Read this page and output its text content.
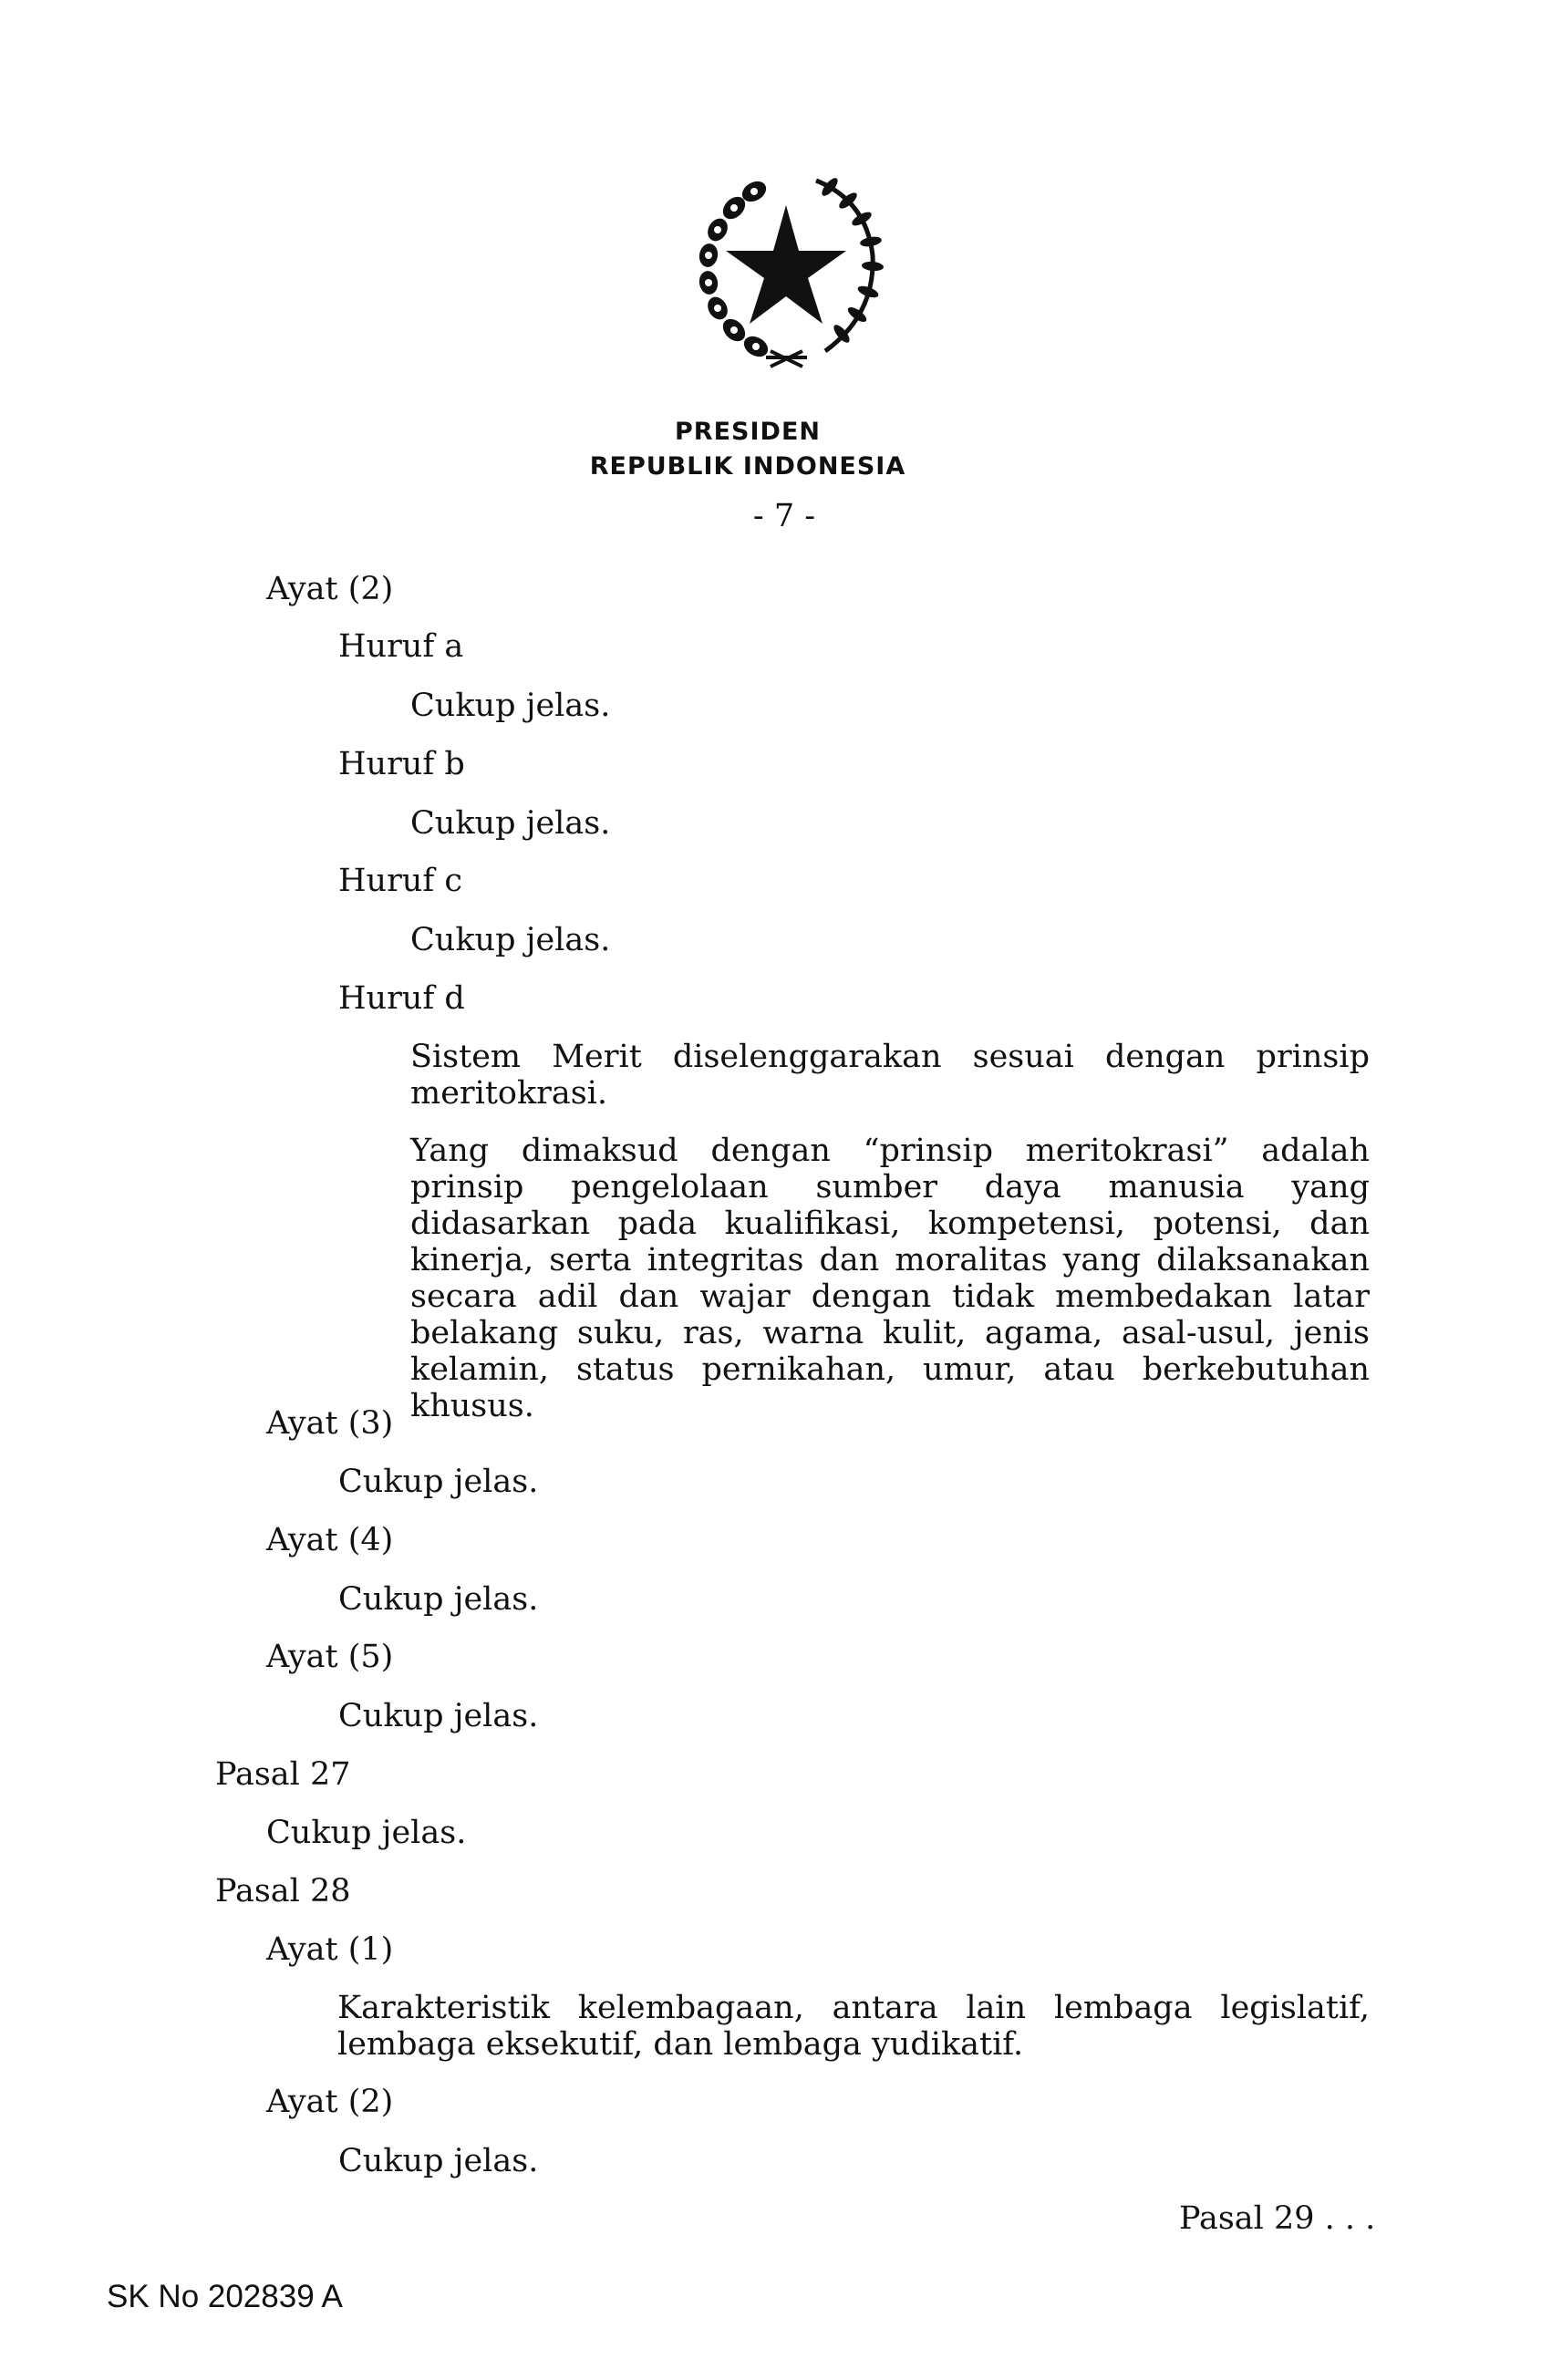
PRESIDEN
REPUBLIK INDONESIA
- 7 -
Ayat (2)
Huruf a
Cukup jelas.
Huruf b
Cukup jelas.
Huruf c
Cukup jelas.
Huruf d
Sistem Merit diselenggarakan sesuai dengan prinsip meritokrasi.
Yang dimaksud dengan “prinsip meritokrasi” adalah prinsip pengelolaan sumber daya manusia yang didasarkan pada kualifikasi, kompetensi, potensi, dan kinerja, serta integritas dan moralitas yang dilaksanakan secara adil dan wajar dengan tidak membedakan latar belakang suku, ras, warna kulit, agama, asal-usul, jenis kelamin, status pernikahan, umur, atau berkebutuhan khusus.
Ayat (3)
Cukup jelas.
Ayat (4)
Cukup jelas.
Ayat (5)
Cukup jelas.
Pasal 27
Cukup jelas.
Pasal 28
Ayat (1)
Karakteristik kelembagaan, antara lain lembaga legislatif, lembaga eksekutif, dan lembaga yudikatif.
Ayat (2)
Cukup jelas.
Pasal 29 . . .
SK No 202839 A
